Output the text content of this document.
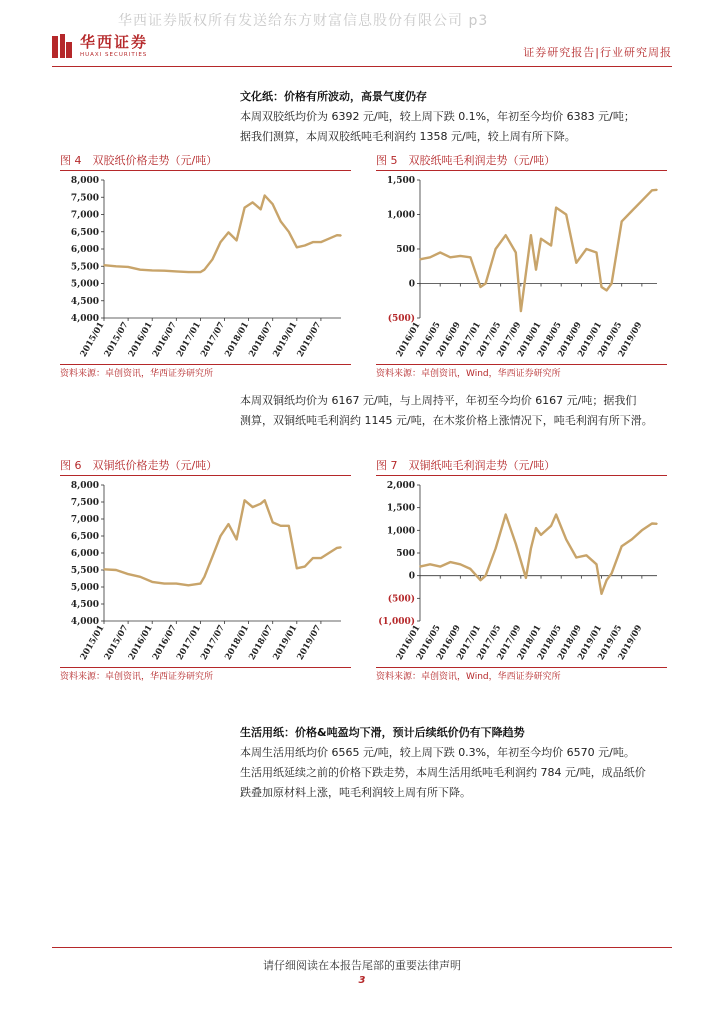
华西证券版权所有发送给东方财富信息股份有限公司 p3
华西证券
HUAXI SECURITIES	证券研究报告|行业研究周报
文化纸：价格有所波动，高景气度仍存
本周双胶纸均价为 6392 元/吨，较上周下跌 0.1%，年初至今均价 6383 元/吨；
据我们测算，本周双胶纸吨毛利润约 1358 元/吨，较上周有所下降。
图 4　双胶纸价格走势（元/吨）
4,000
4,500
5,000
5,500
6,000
6,500
7,000
7,500
8,000
2015/01
2015/07
2016/01
2016/07
2017/01
2017/07
2018/01
2018/07
2019/01
2019/07
资料来源：卓创资讯，华西证券研究所
图 5　双胶纸吨毛利润走势（元/吨）
(500)
0
500
1,000
1,500
2016/01
2016/05
2016/09
2017/01
2017/05
2017/09
2018/01
2018/05
2018/09
2019/01
2019/05
2019/09
资料来源：卓创资讯，Wind，华西证券研究所
本周双铜纸均价为 6167 元/吨，与上周持平，年初至今均价 6167 元/吨；据我们
测算，双铜纸吨毛利润约 1145 元/吨，在木浆价格上涨情况下，吨毛利润有所下滑。
图 6　双铜纸价格走势（元/吨）
4,000
4,500
5,000
5,500
6,000
6,500
7,000
7,500
8,000
2015/01
2015/07
2016/01
2016/07
2017/01
2017/07
2018/01
2018/07
2019/01
2019/07
资料来源：卓创资讯，华西证券研究所
图 7　双铜纸吨毛利润走势（元/吨）
(1,000)
(500)
0
500
1,000
1,500
2,000
2016/01
2016/05
2016/09
2017/01
2017/05
2017/09
2018/01
2018/05
2018/09
2019/01
2019/05
2019/09
资料来源：卓创资讯，Wind，华西证券研究所
生活用纸：价格&吨盈均下滑，预计后续纸价仍有下降趋势
本周生活用纸均价 6565 元/吨，较上周下跌 0.3%，年初至今均价 6570 元/吨。
生活用纸延续之前的价格下跌走势，本周生活用纸吨毛利润约 784 元/吨，成品纸价
跌叠加原材料上涨，吨毛利润较上周有所下降。
请仔细阅读在本报告尾部的重要法律声明
3
